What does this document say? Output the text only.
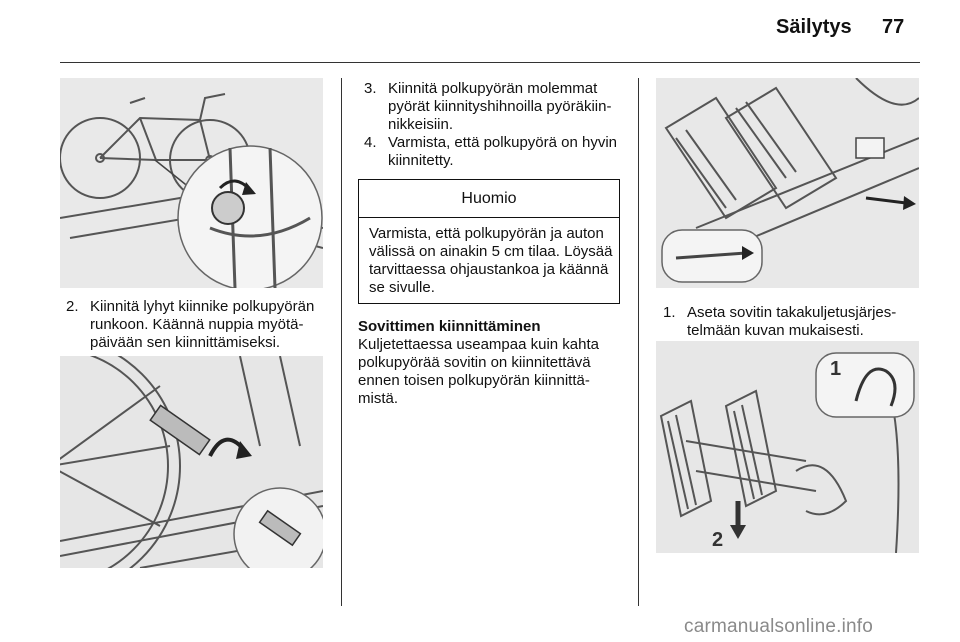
Säilytys 77
2. Kiinnitä lyhyt kiinnike polkupyörän runkoon. Käännä nuppia myötäpäivään sen kiinnittämiseksi.
3. Kiinnitä polkupyörän molemmat pyörät kiinnityshihnoilla pyöräkiinnikkeisiin.
4. Varmista, että polkupyörä on hyvin kiinnitetty.
Huomio
Varmista, että polkupyörän ja auton välissä on ainakin 5 cm tilaa. Löysää tarvittaessa ohjaustankoa ja käännä se sivulle.
Sovittimen kiinnittäminen
Kuljetettaessa useampaa kuin kahta polkupyörää sovitin on kiinnitettävä ennen toisen polkupyörän kiinnittämistä.
1. Aseta sovitin takakuljetusjärjestelmään kuvan mukaisesti.
1
2
carmanualsonline.info
